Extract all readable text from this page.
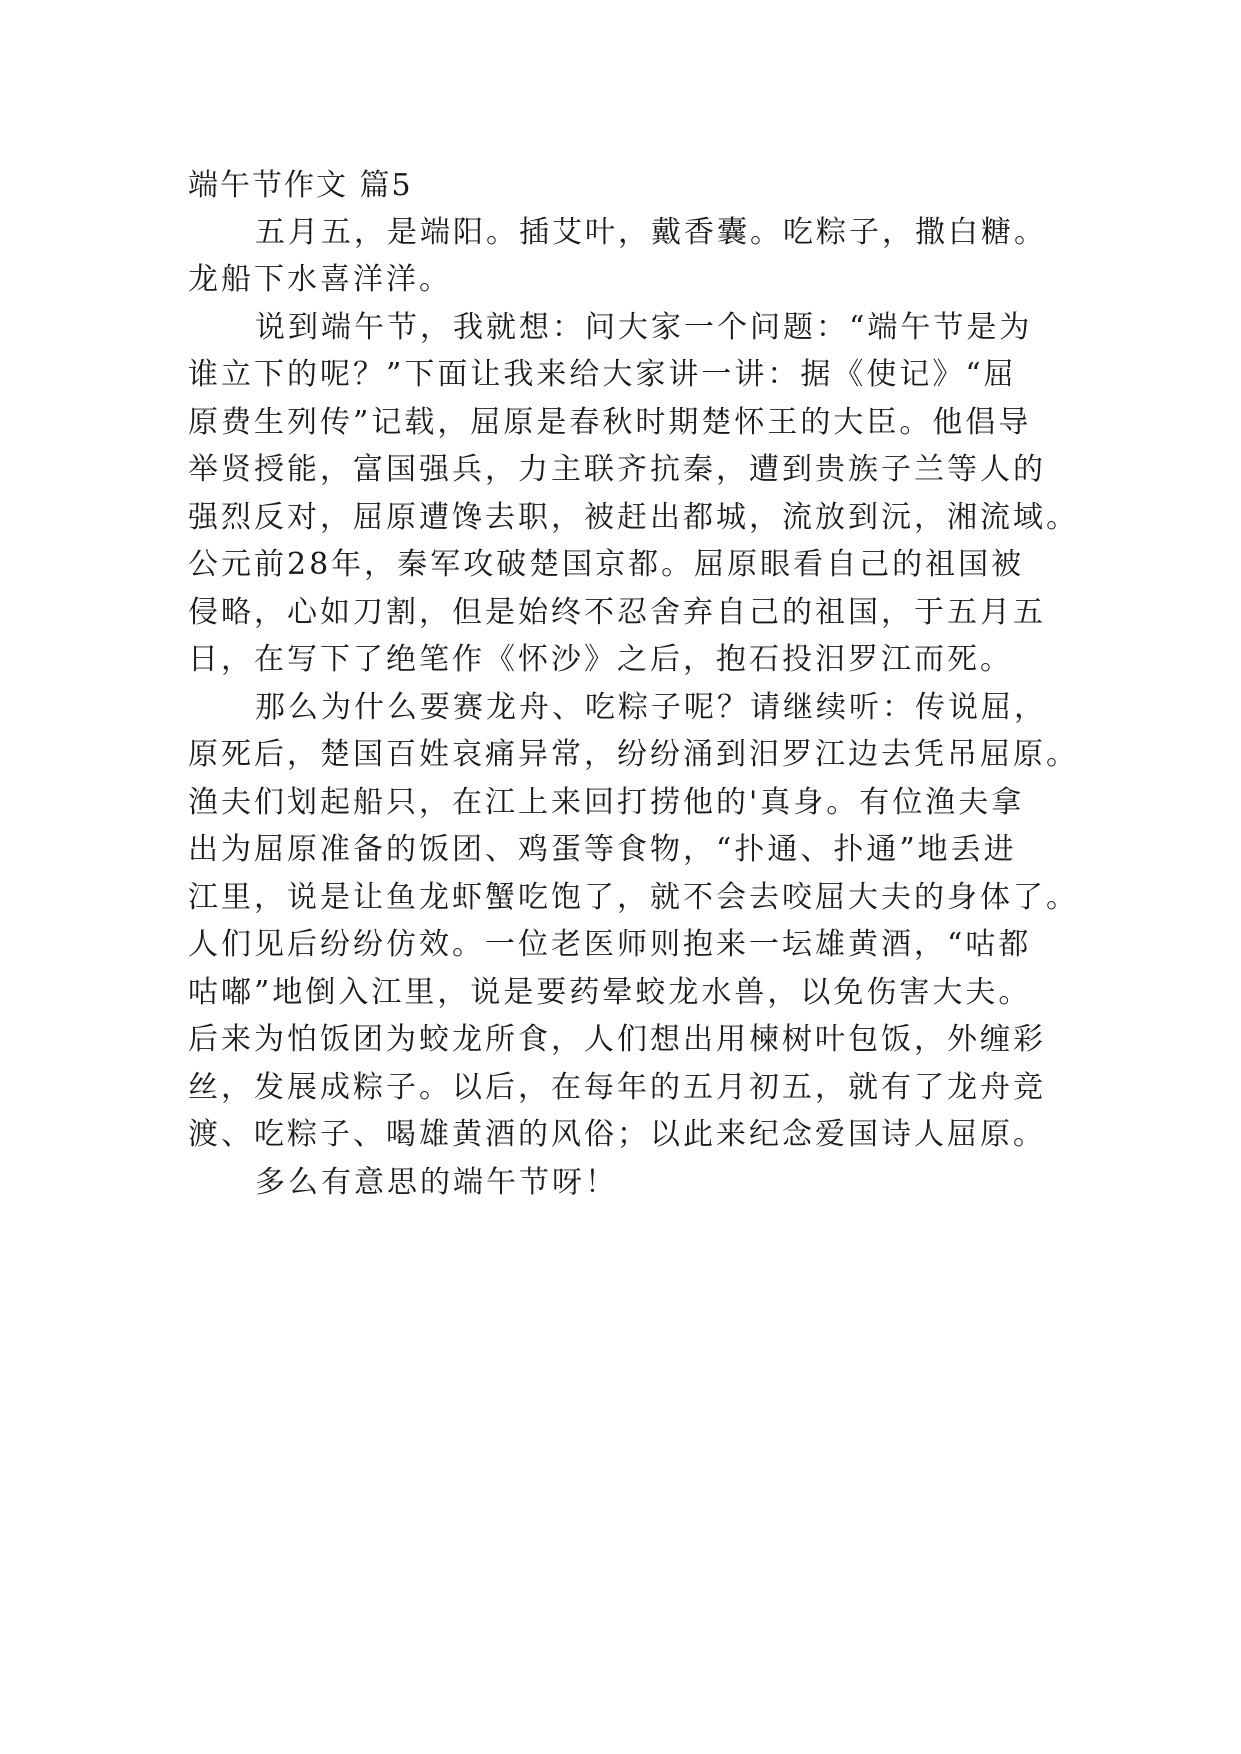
端午节作文 篇5

五月五，是端阳。插艾叶，戴香囊。吃粽子，撒白糖。

龙船下水喜洋洋。

说到端午节，我就想：问大家一个问题：“端午节是为

谁立下的呢？”下面让我来给大家讲一讲：据《使记》“屈

原费生列传”记载，屈原是春秋时期楚怀王的大臣。他倡导

举贤授能，富国强兵，力主联齐抗秦，遭到贵族子兰等人的

强烈反对，屈原遭馋去职，被赶出都城，流放到沅，湘流域。

公元前28年，秦军攻破楚国京都。屈原眼看自己的祖国被

侵略，心如刀割，但是始终不忍舍弃自己的祖国，于五月五

日，在写下了绝笔作《怀沙》之后，抱石投汨罗江而死。

那么为什么要赛龙舟、吃粽子呢？请继续听：传说屈，

原死后，楚国百姓哀痛异常，纷纷涌到汨罗江边去凭吊屈原。

渔夫们划起船只，在江上来回打捞他的'真身。有位渔夫拿

出为屈原准备的饭团、鸡蛋等食物，“扑通、扑通”地丢进

江里，说是让鱼龙虾蟹吃饱了，就不会去咬屈大夫的身体了。

人们见后纷纷仿效。一位老医师则抱来一坛雄黄酒，“咕都

咕嘟”地倒入江里，说是要药晕蛟龙水兽，以免伤害大夫。

后来为怕饭团为蛟龙所食，人们想出用楝树叶包饭，外缠彩

丝，发展成粽子。以后，在每年的五月初五，就有了龙舟竞

渡、吃粽子、喝雄黄酒的风俗；以此来纪念爱国诗人屈原。

多么有意思的端午节呀！
